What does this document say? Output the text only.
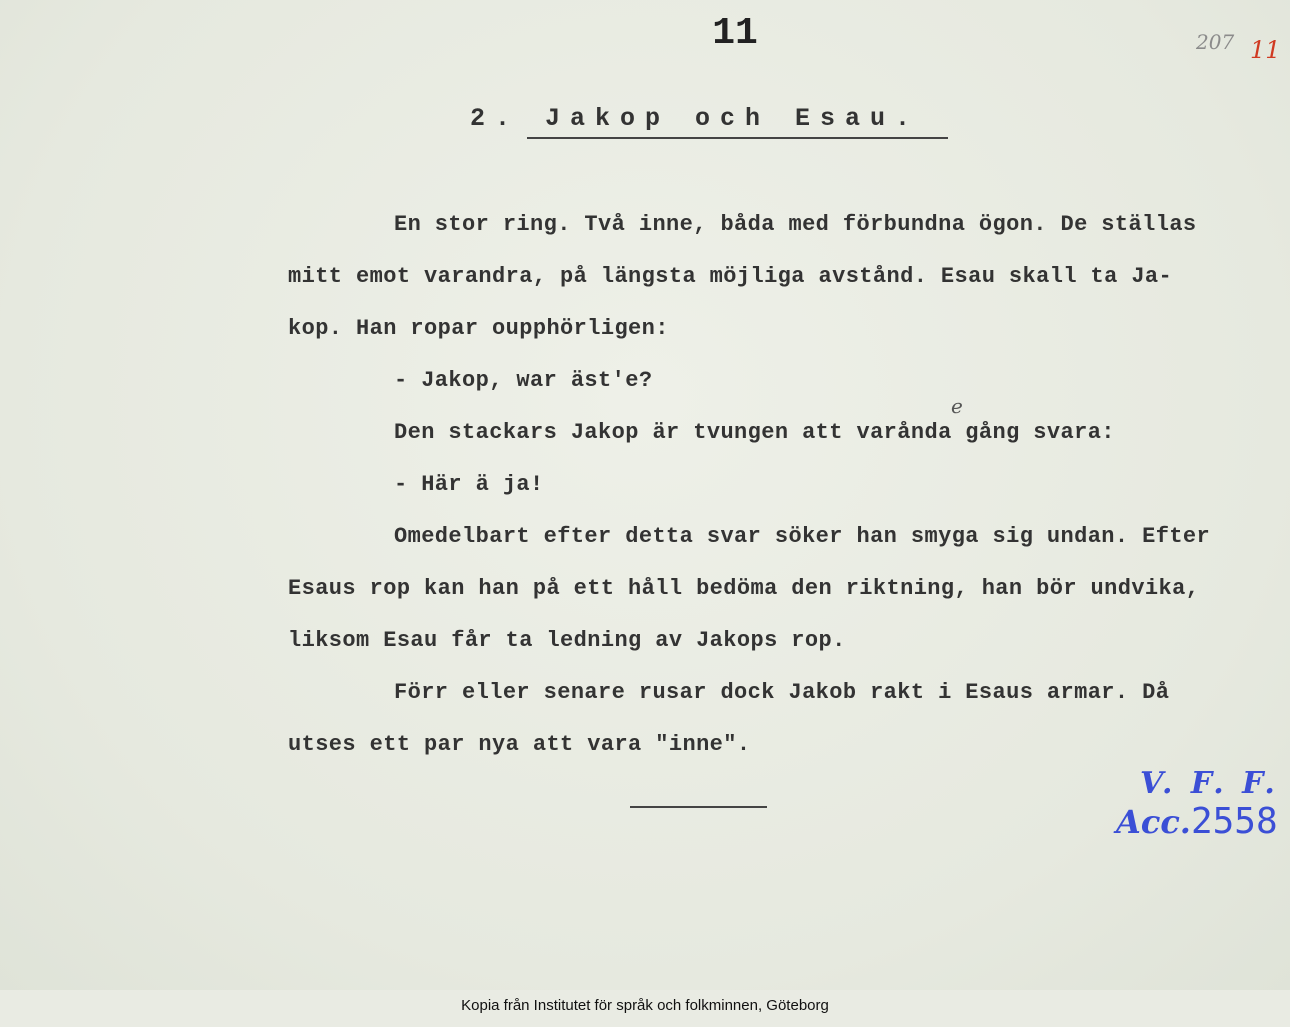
11	207 11
2. Jakop och Esau.
En stor ring. Två inne, båda med förbundna ögon. De ställas
mitt emot varandra, på längsta möjliga avstånd. Esau skall ta Ja-
kop. Han ropar oupphörligen:
- Jakop, war äst'e?
Den stackars Jakop är tvungen att varånda gång svara:
e
- Här ä ja!
Omedelbart efter detta svar söker han smyga sig undan. Efter
Esaus rop kan han på ett håll bedöma den riktning, han bör undvika,
liksom Esau får ta ledning av Jakops rop.
Förr eller senare rusar dock Jakob rakt i Esaus armar. Då
utses ett par nya att vara "inne".
V. F. F.
Acc.2558
Kopia från Institutet för språk och folkminnen, Göteborg
